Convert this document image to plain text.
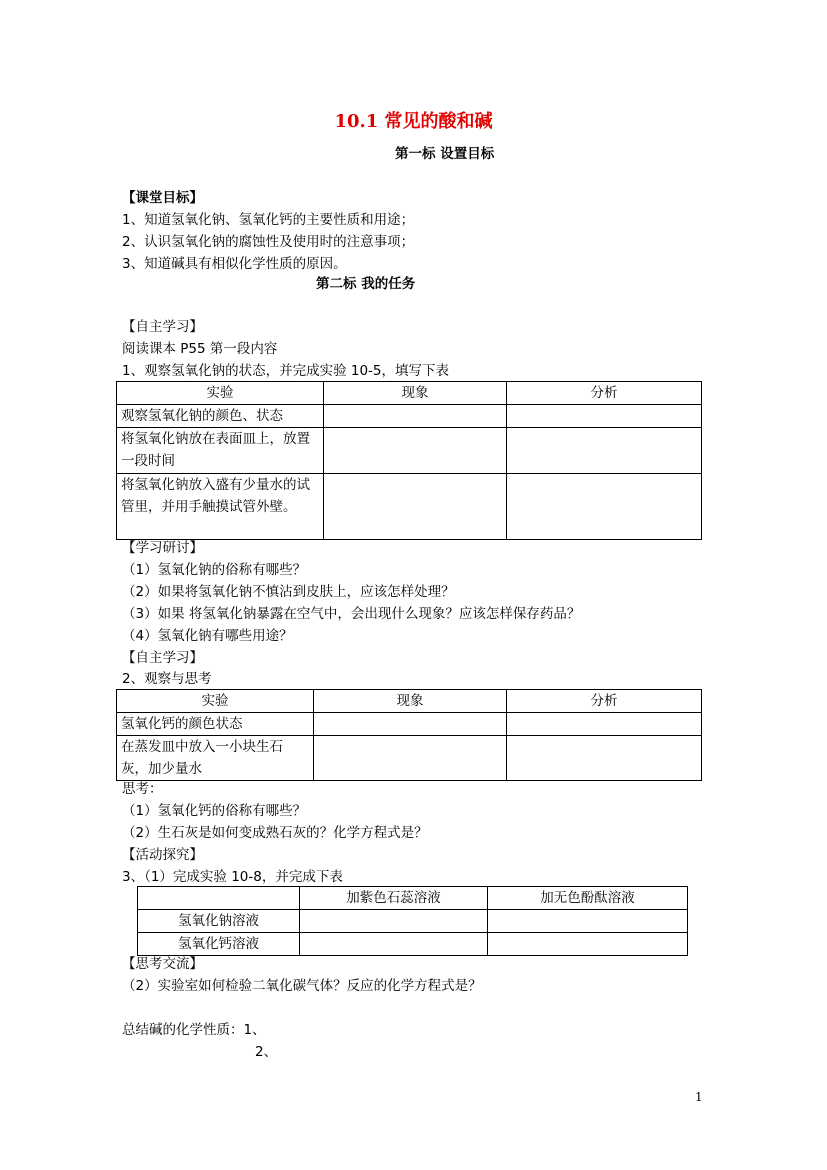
10.1 常见的酸和碱
第一标 设置目标
【课堂目标】
1、知道氢氧化钠、氢氧化钙的主要性质和用途；
2、认识氢氧化钠的腐蚀性及使用时的注意事项；
3、知道碱具有相似化学性质的原因。
第二标 我的任务
【自主学习】
阅读课本 P55 第一段内容
1、观察氢氧化钠的状态，并完成实验 10-5，填写下表
实验	现象	分析
观察氢氧化钠的颜色、状态		
将氢氧化钠放在表面皿上，放置一段时间		
将氢氧化钠放入盛有少量水的试管里，并用手触摸试管外壁。		
【学习研讨】
（1）氢氧化钠的俗称有哪些？
（2）如果将氢氧化钠不慎沾到皮肤上，应该怎样处理？
（3）如果 将氢氧化钠暴露在空气中，会出现什么现象？应该怎样保存药品？
（4）氢氧化钠有哪些用途？
【自主学习】
2、观察与思考
实验	现象	分析
氢氧化钙的颜色状态		
在蒸发皿中放入一小块生石灰，加少量水		
思考：
（1）氢氧化钙的俗称有哪些？
（2）生石灰是如何变成熟石灰的？化学方程式是？
【活动探究】
3、（1）完成实验 10-8，并完成下表
	加紫色石蕊溶液	加无色酚酞溶液
氢氧化钠溶液		
氢氧化钙溶液		
【思考交流】
（2）实验室如何检验二氧化碳气体？反应的化学方程式是？
总结碱的化学性质：1、
2、
1
